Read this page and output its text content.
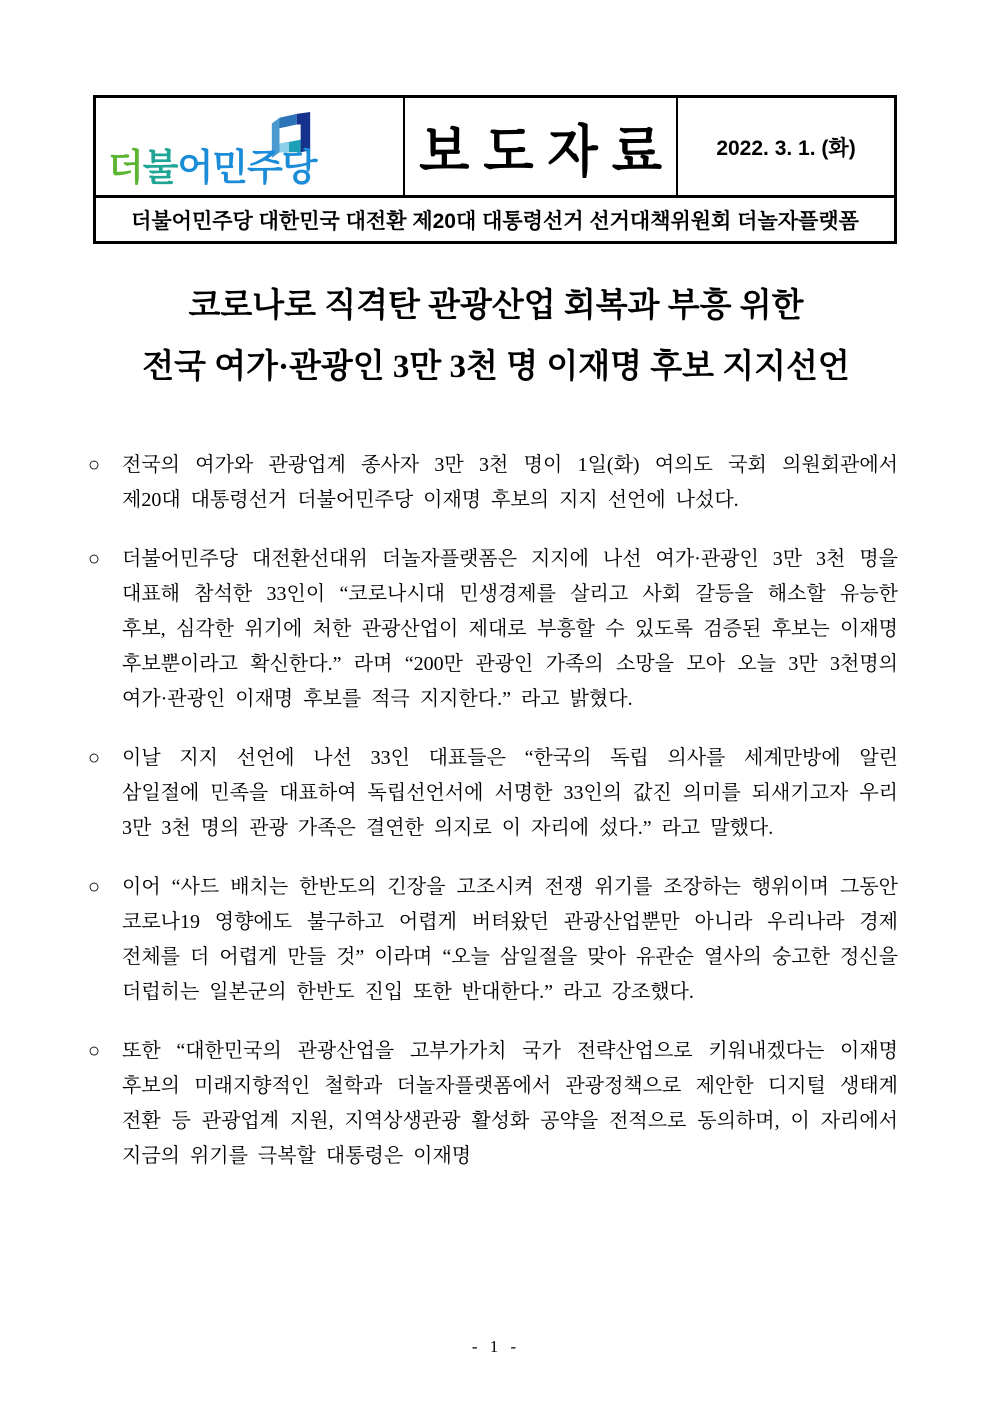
더불어민주당 보도자료 2022. 3. 1. (화)
더불어민주당 대한민국 대전환 제20대 대통령선거 선거대책위원회 더놀자플랫폼
코로나로 직격탄 관광산업 회복과 부흥 위한
전국 여가·관광인 3만 3천 명 이재명 후보 지지선언
○	전국의 여가와 관광업계 종사자 3만 3천 명이 1일(화) 여의도 국회 의원회관에서 제20대 대통령선거 더불어민주당 이재명 후보의 지지 선언에 나섰다.

○	더불어민주당 대전환선대위 더놀자플랫폼은 지지에 나선 여가·관광인 3만 3천 명을 대표해 참석한 33인이 “코로나시대 민생경제를 살리고 사회 갈등을 해소할 유능한 후보, 심각한 위기에 처한 관광산업이 제대로 부흥할 수 있도록 검증된 후보는 이재명 후보뿐이라고 확신한다.” 라며 “200만 관광인 가족의 소망을 모아 오늘 3만 3천명의 여가·관광인 이재명 후보를 적극 지지한다.” 라고 밝혔다.

○	이날 지지 선언에 나선 33인 대표들은 “한국의 독립 의사를 세계만방에 알린 삼일절에 민족을 대표하여 독립선언서에 서명한 33인의 값진 의미를 되새기고자 우리 3만 3천 명의 관광 가족은 결연한 의지로 이 자리에 섰다.” 라고 말했다.

○	이어 “사드 배치는 한반도의 긴장을 고조시켜 전쟁 위기를 조장하는 행위이며 그동안 코로나19 영향에도 불구하고 어렵게 버텨왔던 관광산업뿐만 아니라 우리나라 경제 전체를 더 어렵게 만들 것” 이라며 “오늘 삼일절을 맞아 유관순 열사의 숭고한 정신을 더럽히는 일본군의 한반도 진입 또한 반대한다.” 라고 강조했다.

○	또한 “대한민국의 관광산업을 고부가가치 국가 전략산업으로 키워내겠다는 이재명 후보의 미래지향적인 철학과 더놀자플랫폼에서 관광정책으로 제안한 디지털 생태계 전환 등 관광업계 지원, 지역상생관광 활성화 공약을 전적으로 동의하며, 이 자리에서 지금의 위기를 극복할 대통령은 이재명

- 1 -
